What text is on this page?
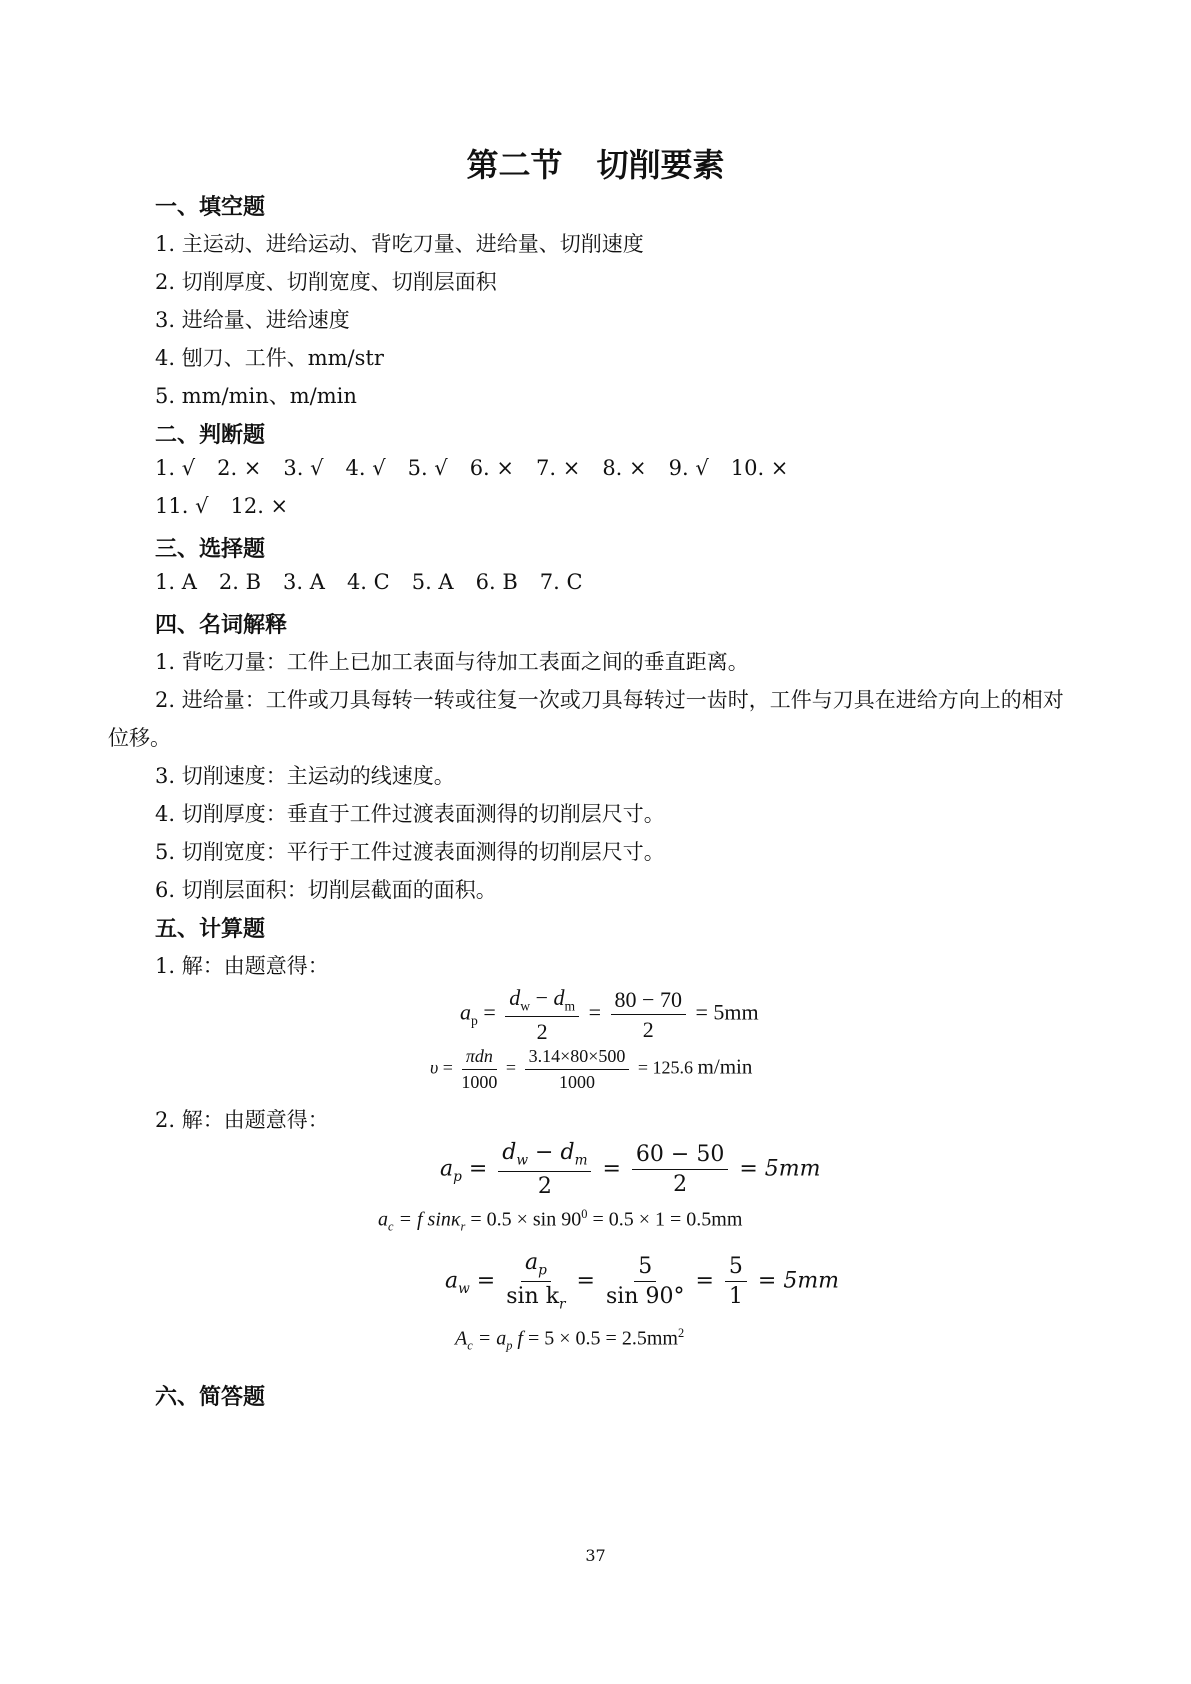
第二节 切削要素
一、填空题
1. 主运动、进给运动、背吃刀量、进给量、切削速度
2. 切削厚度、切削宽度、切削层面积
3. 进给量、进给速度
4. 刨刀、工件、mm/str
5. mm/min、m/min
二、判断题
1. √ 2. × 3. √ 4. √ 5. √ 6. × 7. × 8. × 9. √ 10. ×
11. √ 12. ×
三、选择题
1. A 2. B 3. A 4. C 5. A 6. B 7. C
四、名词解释
1. 背吃刀量：工件上已加工表面与待加工表面之间的垂直距离。
2. 进给量：工件或刀具每转一转或往复一次或刀具每转过一齿时，工件与刀具在进给方向上的相对
位移。
3. 切削速度：主运动的线速度。
4. 切削厚度：垂直于工件过渡表面测得的切削层尺寸。
5. 切削宽度：平行于工件过渡表面测得的切削层尺寸。
6. 切削层面积：切削层截面的面积。
五、计算题
1. 解：由题意得：
$a_p = \frac{d_w - d_m}{2} = \frac{80 - 70}{2} = 5mm$
$\upsilon = \frac{\text{πdn}}{1000} = \frac{3.14\times 80\times 500}{1000} = 125.6$ m/min
2. 解：由题意得：
$a_p = \frac{d_w - d_m}{2} = \frac{60 - 50}{2} = 5mm$
$a_c = f$ $\sin\kappa_r = 0.5 \times \sin 90^0 = 0.5 \times 1 = 0.5mm$
$a_w = \frac{a_p}{\sin k_r} = \frac{5}{\sin 90^\circ} = \frac{5}{1} = 5mm$
$A_c = a_p$ $f = 5 \times 0.5 = 2.5mm^2$
六、简答题
37
